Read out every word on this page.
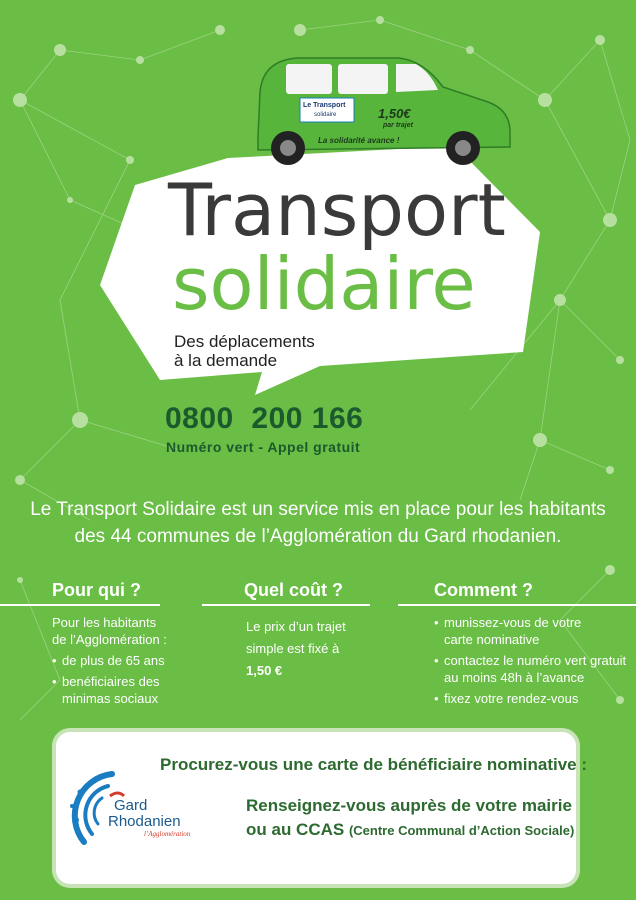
Le Transport
solidaire	1,50€
par trajet
La solidarité avance !
Transport
solidaire
Des déplacements
à la demande
0800  200 166
Numéro vert - Appel gratuit
Le Transport Solidaire est un service mis en place pour les habitants
des 44 communes de l’Agglomération du Gard rhodanien.
Pour qui ?
Pour les habitants
de l’Agglomération :
• de plus de 65 ans
• benéficiaires des
minimas sociaux
Quel coût ?
Le prix d’un trajet
simple est fixé à
1,50 €
Comment ?
• munissez-vous de votre
carte nominative
• contactez le numéro vert gratuit
au moins 48h à l’avance
• fixez votre rendez-vous
Procurez-vous une carte de bénéficiaire nominative :
Renseignez-vous auprès de votre mairie
ou au CCAS (Centre Communal d’Action Sociale)
Gard
Rhodanien
l’Agglomération
